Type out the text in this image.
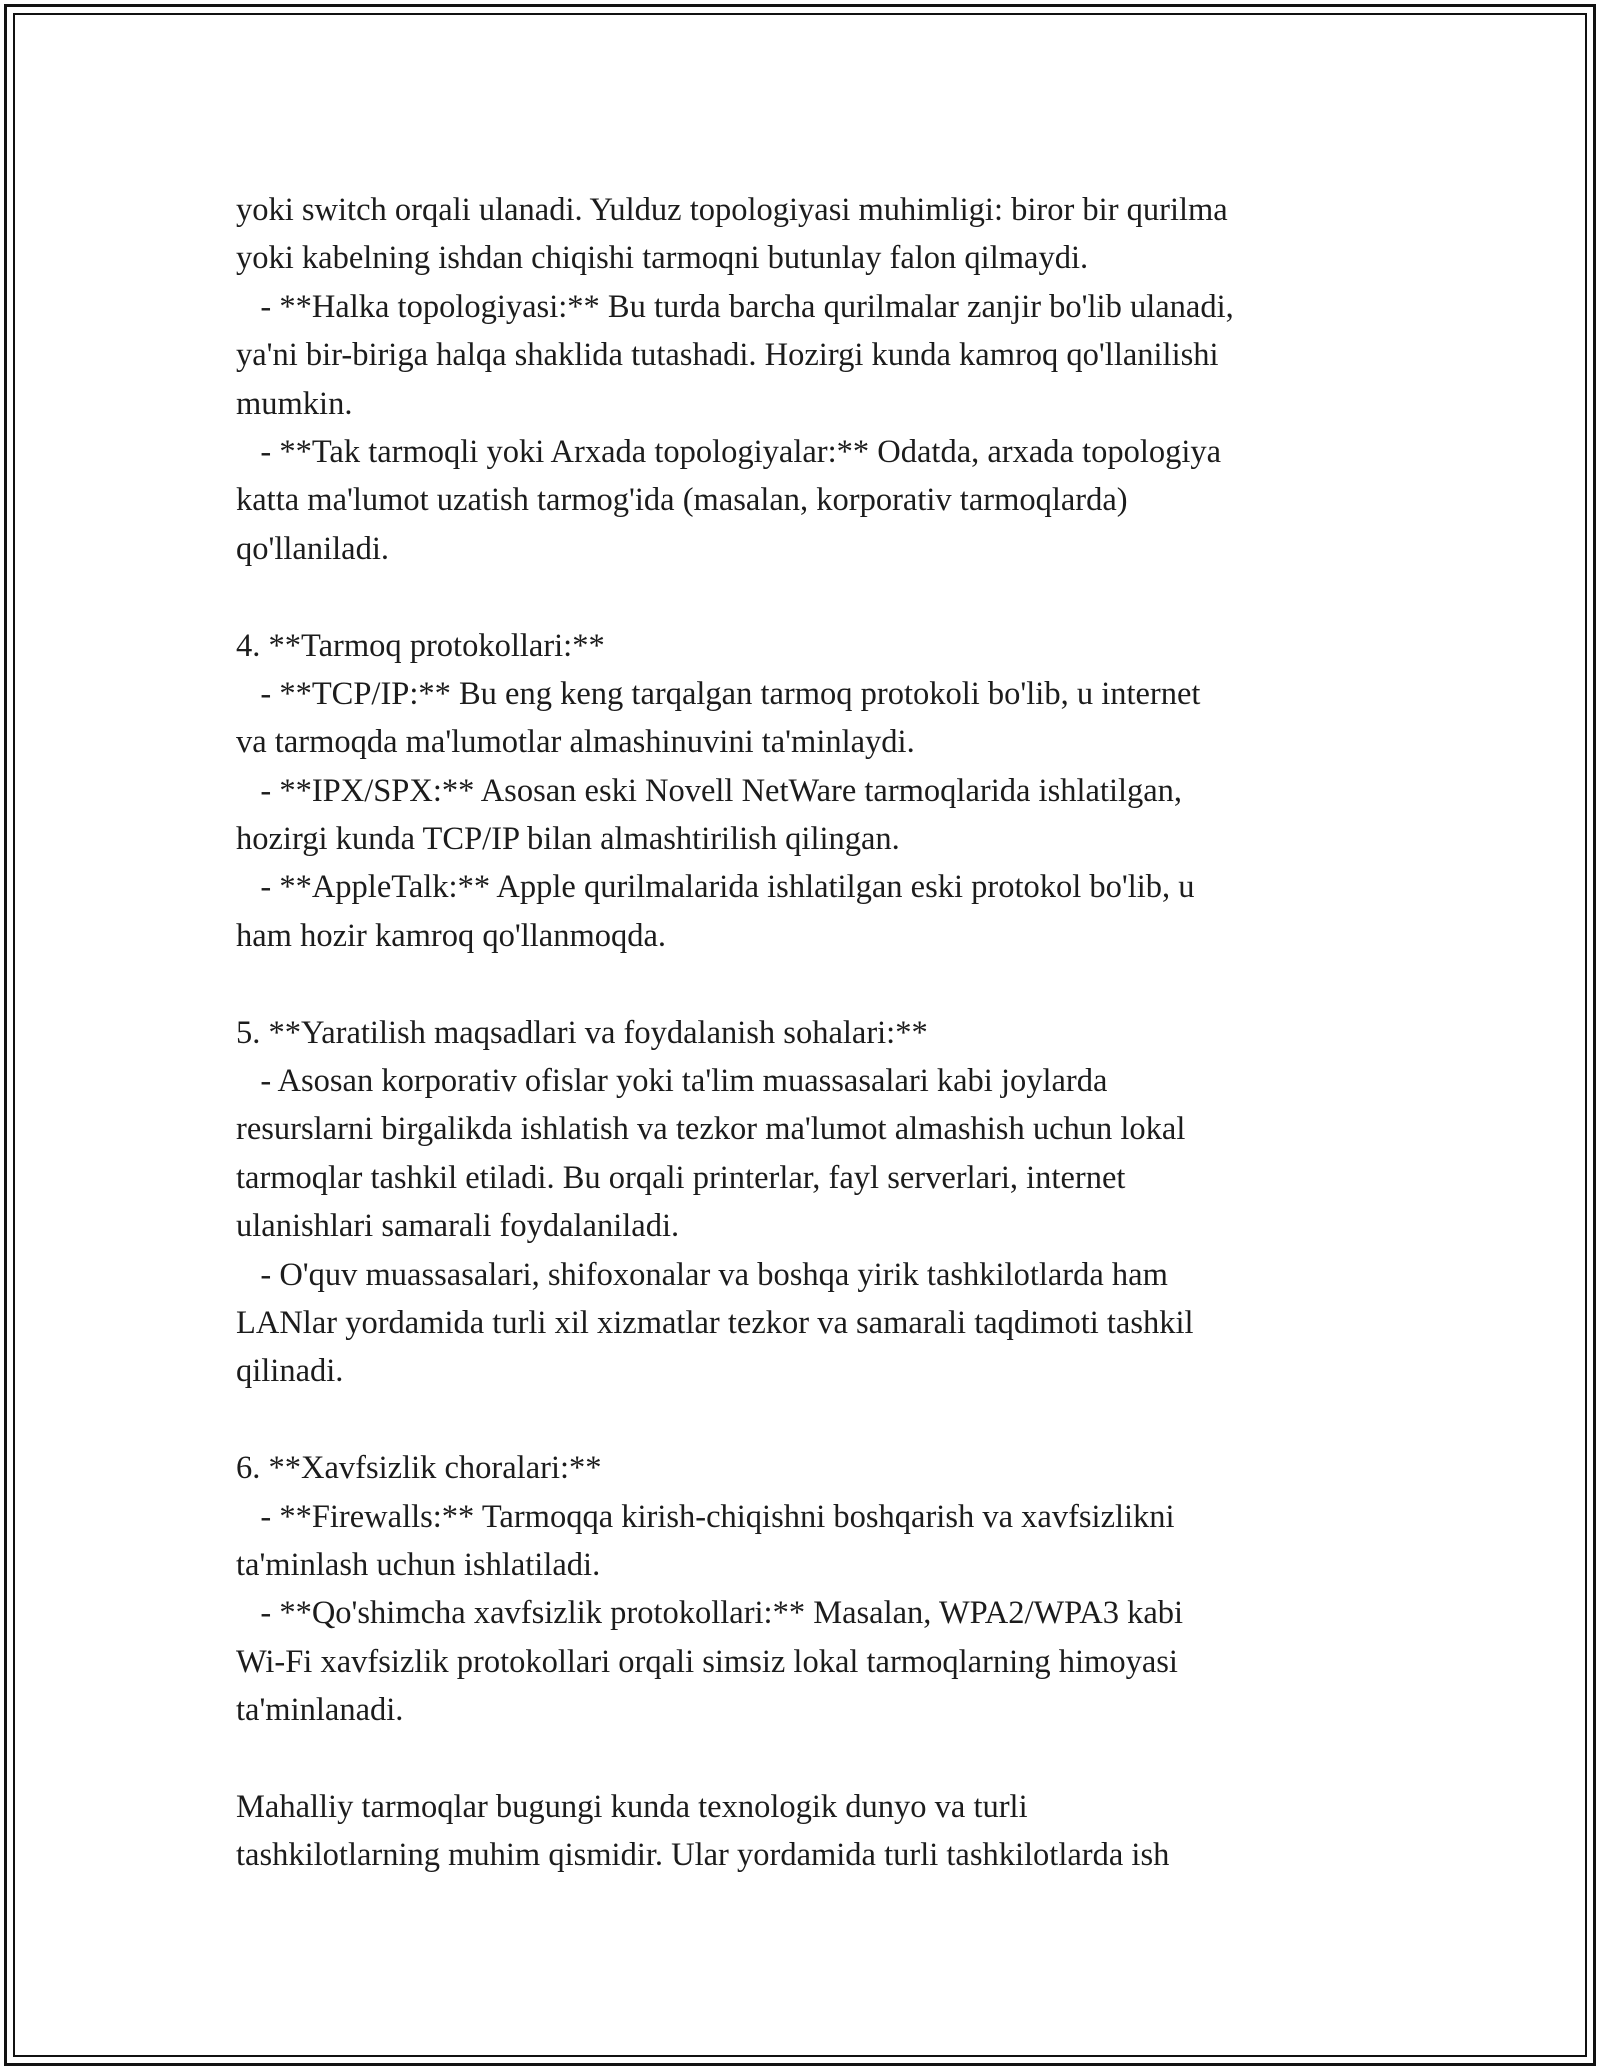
yoki switch orqali ulanadi. Yulduz topologiyasi muhimligi: biror bir qurilma
yoki kabelning ishdan chiqishi tarmoqni butunlay falon qilmaydi.
- **Halka topologiyasi:** Bu turda barcha qurilmalar zanjir bo'lib ulanadi,
ya'ni bir-biriga halqa shaklida tutashadi. Hozirgi kunda kamroq qo'llanilishi
mumkin.
- **Tak tarmoqli yoki Arxada topologiyalar:** Odatda, arxada topologiya
katta ma'lumot uzatish tarmog'ida (masalan, korporativ tarmoqlarda)
qo'llaniladi.
4. **Tarmoq protokollari:**
- **TCP/IP:** Bu eng keng tarqalgan tarmoq protokoli bo'lib, u internet
va tarmoqda ma'lumotlar almashinuvini ta'minlaydi.
- **IPX/SPX:** Asosan eski Novell NetWare tarmoqlarida ishlatilgan,
hozirgi kunda TCP/IP bilan almashtirilish qilingan.
- **AppleTalk:** Apple qurilmalarida ishlatilgan eski protokol bo'lib, u
ham hozir kamroq qo'llanmoqda.
5. **Yaratilish maqsadlari va foydalanish sohalari:**
- Asosan korporativ ofislar yoki ta'lim muassasalari kabi joylarda
resurslarni birgalikda ishlatish va tezkor ma'lumot almashish uchun lokal
tarmoqlar tashkil etiladi. Bu orqali printerlar, fayl serverlari, internet
ulanishlari samarali foydalaniladi.
- O'quv muassasalari, shifoxonalar va boshqa yirik tashkilotlarda ham
LANlar yordamida turli xil xizmatlar tezkor va samarali taqdimoti tashkil
qilinadi.
6. **Xavfsizlik choralari:**
- **Firewalls:** Tarmoqqa kirish-chiqishni boshqarish va xavfsizlikni
ta'minlash uchun ishlatiladi.
- **Qo'shimcha xavfsizlik protokollari:** Masalan, WPA2/WPA3 kabi
Wi-Fi xavfsizlik protokollari orqali simsiz lokal tarmoqlarning himoyasi
ta'minlanadi.
Mahalliy tarmoqlar bugungi kunda texnologik dunyo va turli
tashkilotlarning muhim qismidir. Ular yordamida turli tashkilotlarda ish
